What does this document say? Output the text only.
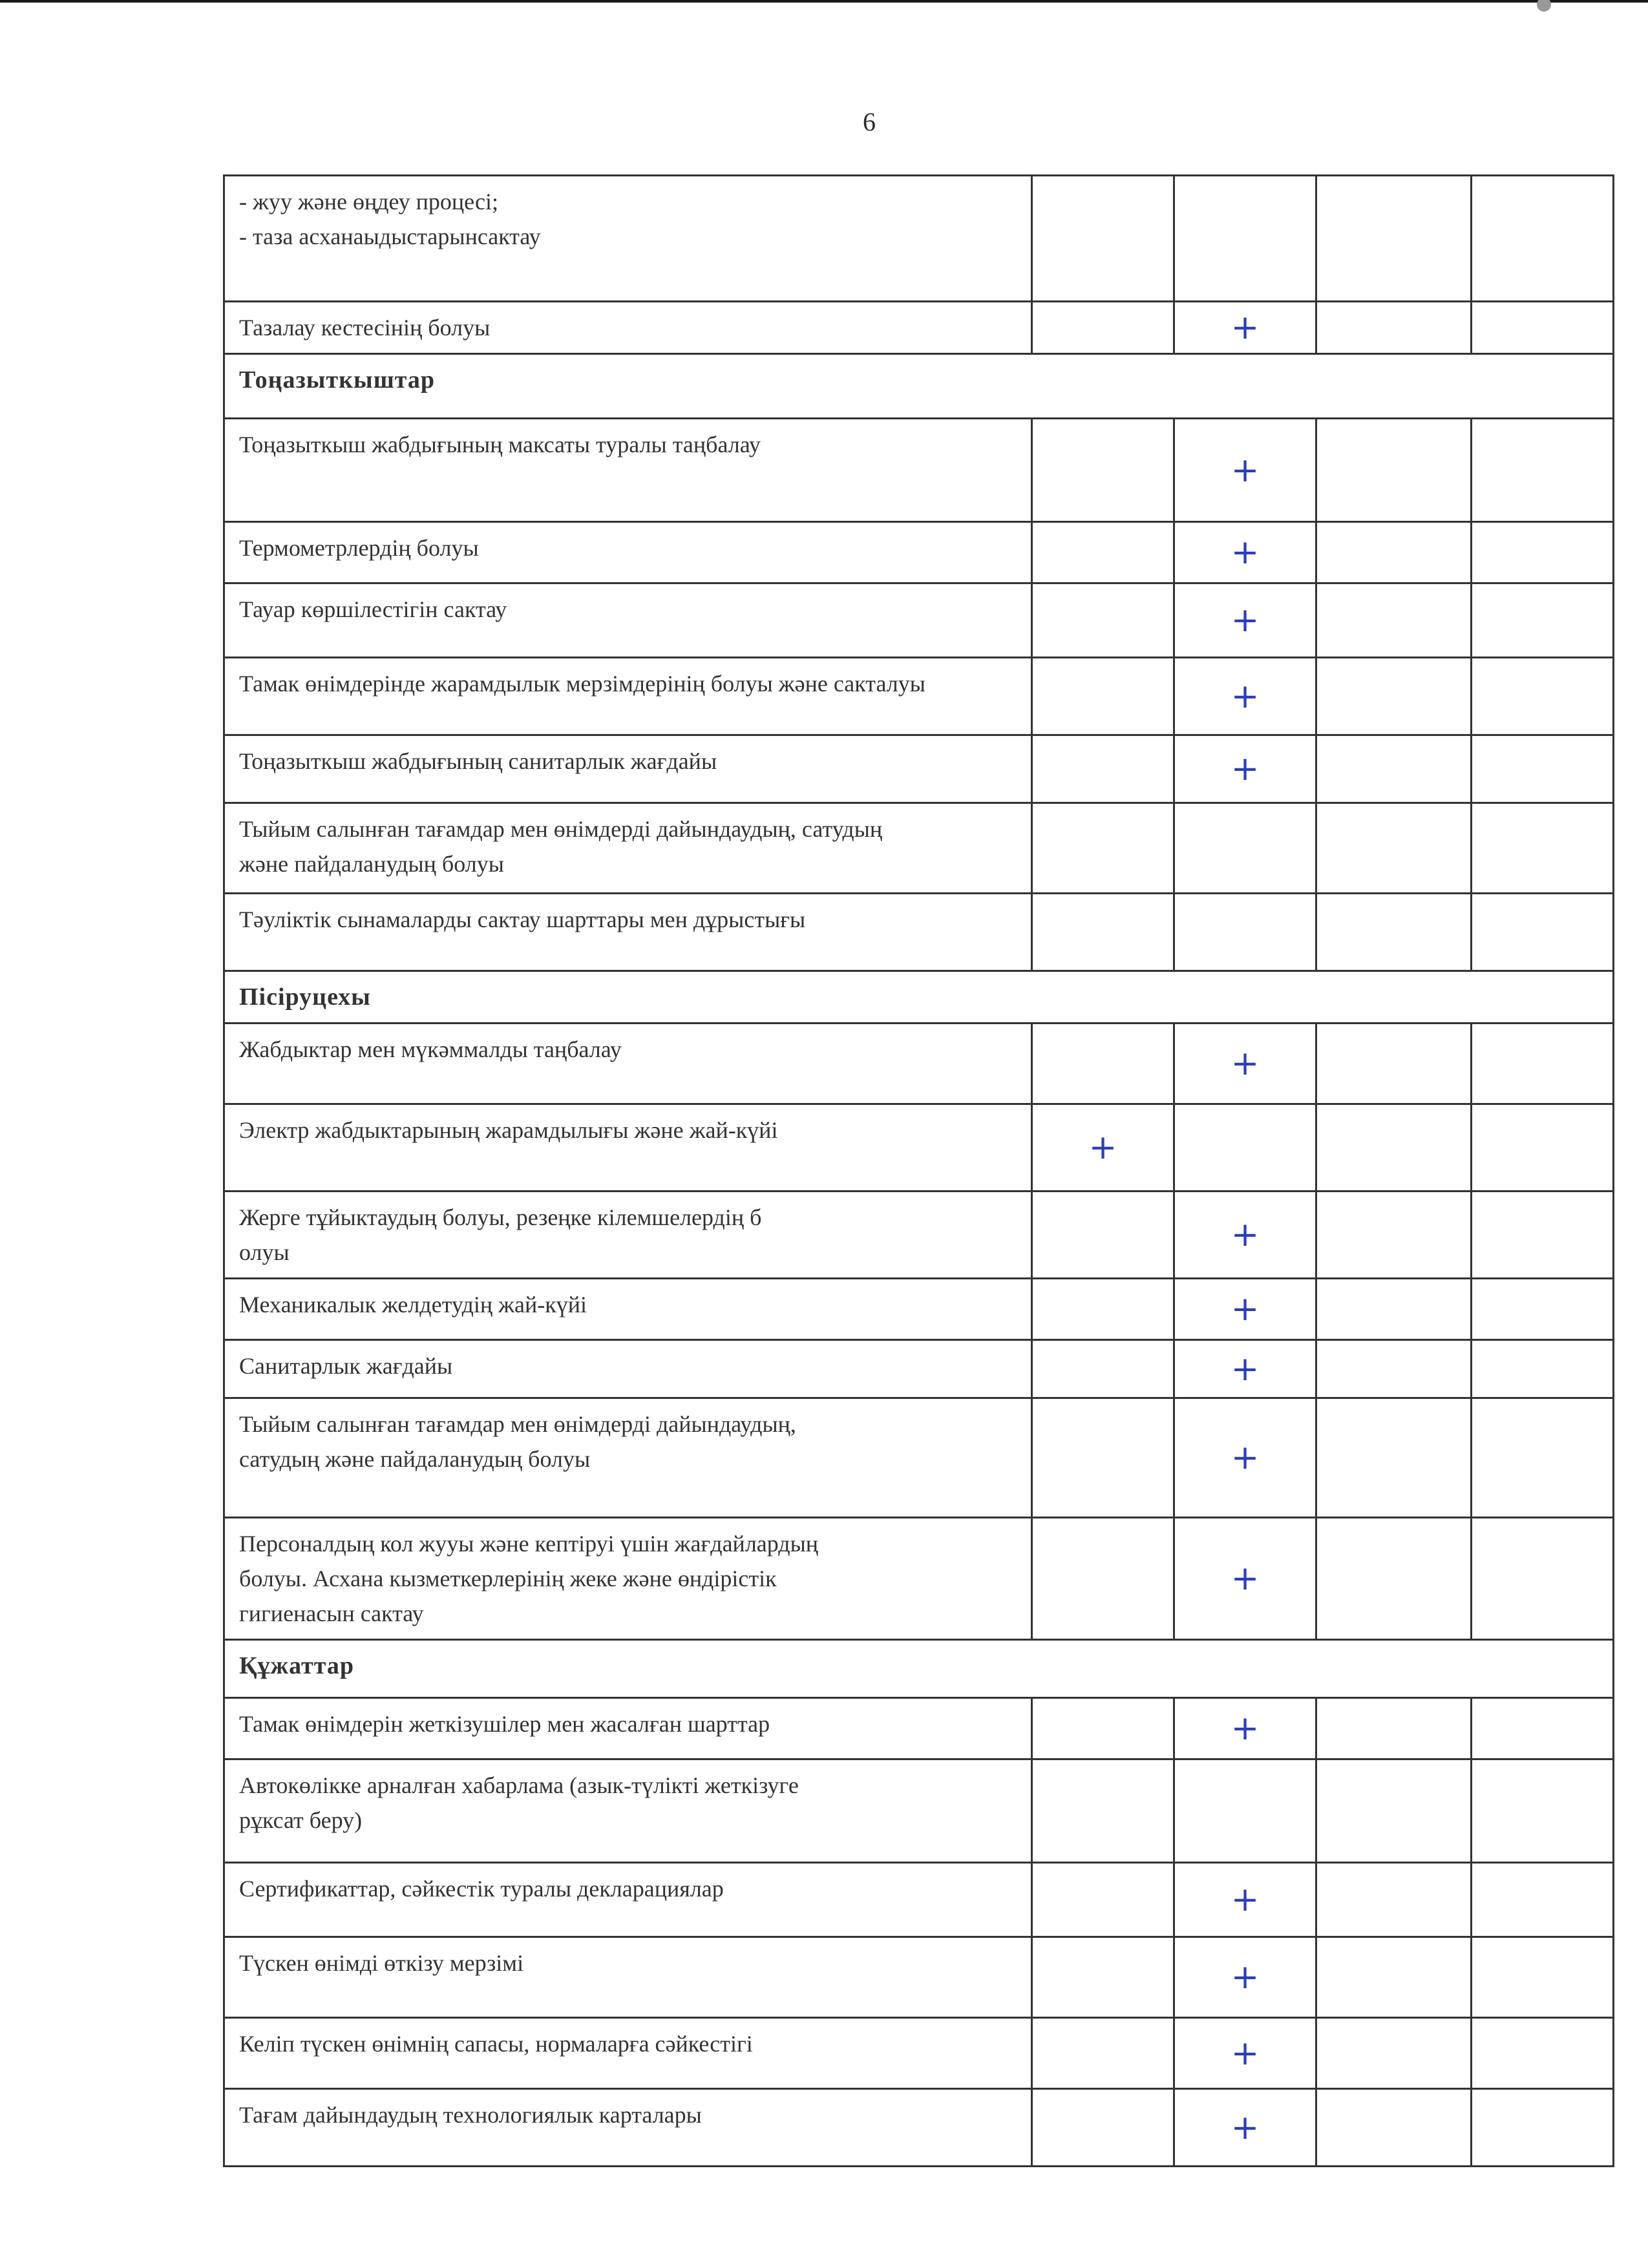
6
- жуу және өңдеу процесі;
- таза асханаыдыстарынсактау				

Тазалау кестесінің болуы		+		
Тоңазыткыштар				

Тоңазыткыш жабдығының максаты туралы таңбалау		+		

Термометрлердің болуы		+		

Тауар көршілестігін сактау		+		

Тамак өнімдерінде жарамдылык мерзімдерінің болуы және сакталуы		+		

Тоңазыткыш жабдығының санитарлык жағдайы		+		

Тыйым салынған тағамдар мен өнімдерді дайындаудың, сатудың
және пайдаланудың болуы				

Тәуліктік сынамаларды сактау шарттары мен дұрыстығы				

Пісіруцехы				

Жабдыктар мен мүкәммалды таңбалау		+		

Электр жабдыктарының жарамдылығы және жай-күйі	+			

Жерге тұйыктаудың болуы, резеңке кілемшелердің б
олуы		+		

Механикалык желдетудің жай-күйі		+		

Санитарлык жағдайы		+		

Тыйым салынған тағамдар мен өнімдерді дайындаудың,
сатудың және пайдаланудың болуы		+		

Персоналдың кол жууы және кептіруі үшін жағдайлардың
болуы. Асхана кызметкерлерінің жеке және өндірістік
гигиенасын сактау		+		
Құжаттар				

Тамак өнімдерін жеткізушілер мен жасалған шарттар		+		

Автокөлікке арналған хабарлама (азык-түлікті жеткізуге
рұксат беру)				

Сертификаттар, сәйкестік туралы декларациялар		+		

Түскен өнімді өткізу мерзімі		+		

Келіп түскен өнімнің сапасы, нормаларға сәйкестігі		+		

Тағам дайындаудың технологиялык карталары		+		
